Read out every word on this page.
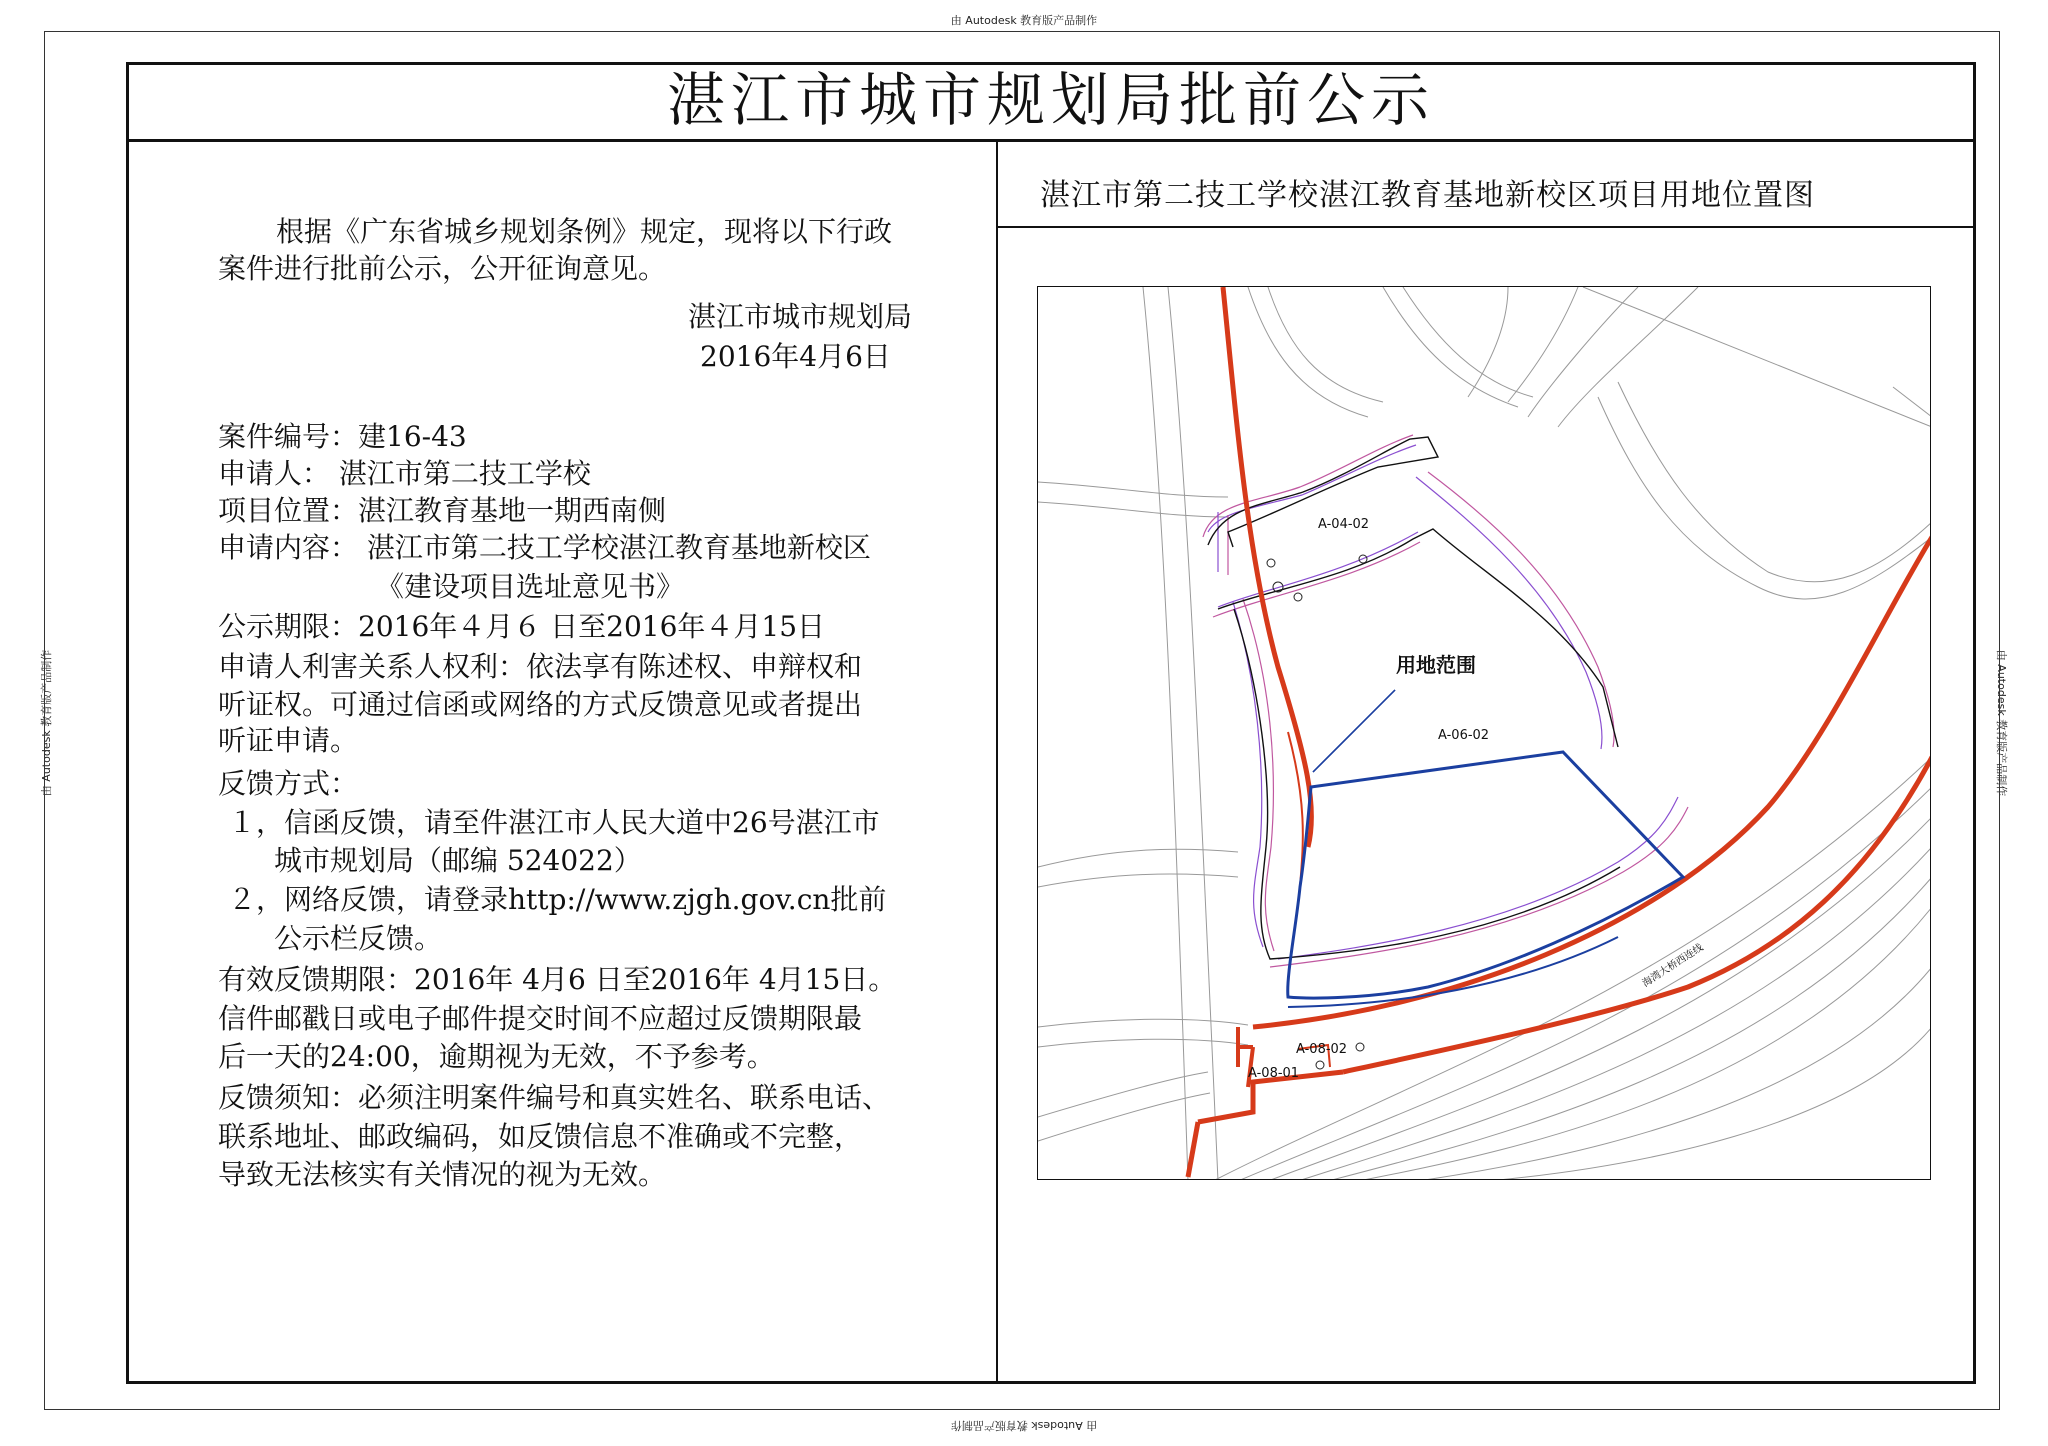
由 Autodesk 教育版产品制作
由 Autodesk 教育版产品制作
由 Autodesk 教育版产品制作	由 Autodesk 教育版产品制作
湛江市城市规划局批前公示
根据《广东省城乡规划条例》规定，现将以下行政
案件进行批前公示，公开征询意见。
湛江市城市规划局
2016年4月6日
案件编号：建16-43
申请人： 湛江市第二技工学校
项目位置：湛江教育基地一期西南侧
申请内容： 湛江市第二技工学校湛江教育基地新校区
《建设项目选址意见书》
公示期限：2016年４月６ 日至2016年４月15日
申请人利害关系人权利：依法享有陈述权、申辩权和
听证权。可通过信函或网络的方式反馈意见或者提出
听证申请。
反馈方式：
１，信函反馈，请至件湛江市人民大道中26号湛江市
城市规划局（邮编 524022）
２，网络反馈，请登录http://www.zjgh.gov.cn批前
公示栏反馈。
有效反馈期限：2016年 4月6 日至2016年 4月15日。
信件邮戳日或电子邮件提交时间不应超过反馈期限最
后一天的24:00，逾期视为无效，不予参考。
反馈须知：必须注明案件编号和真实姓名、联系电话、
联系地址、邮政编码，如反馈信息不准确或不完整，
导致无法核实有关情况的视为无效。
湛江市第二技工学校湛江教育基地新校区项目用地位置图
用地范围
A-06-02
A-04-02
A-08-02
A-08-01
海湾大桥西连线
